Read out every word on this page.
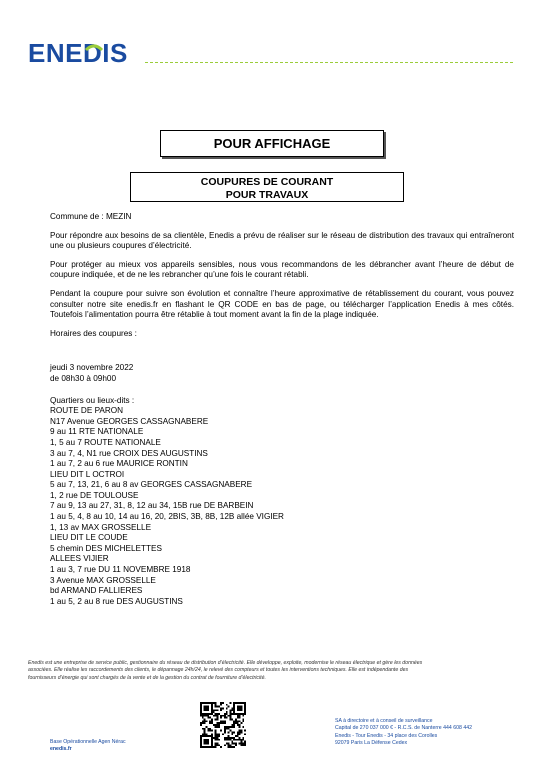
ENEDIS
POUR AFFICHAGE
COUPURES DE COURANT
POUR TRAVAUX

Commune de : MEZIN

Pour répondre aux besoins de sa clientèle, Enedis a prévu de réaliser sur le réseau de distribution des travaux qui entraîneront une ou plusieurs coupures d’électricité.

Pour protéger au mieux vos appareils sensibles, nous vous recommandons de les débrancher avant l’heure de début de coupure indiquée, et de ne les rebrancher qu’une fois le courant rétabli.

Pendant la coupure pour suivre son évolution et connaître l’heure approximative de rétablissement du courant, vous pouvez consulter notre site enedis.fr en flashant le QR CODE en bas de page, ou télécharger l’application Enedis à mes côtés. Toutefois l’alimentation pourra être rétablie à tout moment avant la fin de la plage indiquée.

Horaires des coupures :

jeudi 3 novembre 2022
de 08h30 à 09h00
Quartiers ou lieux-dits :
ROUTE DE PARON
N17 Avenue GEORGES CASSAGNABERE
9 au 11 RTE NATIONALE
1, 5 au 7 ROUTE NATIONALE
3 au 7, 4, N1 rue CROIX DES AUGUSTINS
1 au 7, 2 au 6 rue MAURICE RONTIN
LIEU DIT L OCTROI
5 au 7, 13, 21, 6 au 8 av GEORGES CASSAGNABERE
1, 2 rue DE TOULOUSE
7 au 9, 13 au 27, 31, 8, 12 au 34, 15B rue DE BARBEIN
1 au 5, 4, 8 au 10, 14 au 16, 20, 2BIS, 3B, 8B, 12B allée VIGIER
1, 13 av MAX GROSSELLE
LIEU DIT LE COUDE
5 chemin DES MICHELETTES
ALLEES VIJIER
1 au 3, 7 rue DU 11 NOVEMBRE 1918
3 Avenue MAX GROSSELLE
bd ARMAND FALLIERES
1 au 5, 2 au 8 rue DES AUGUSTINS
Enedis est une entreprise de service public, gestionnaire du réseau de distribution d’électricité. Elle développe, exploite, modernise le réseau électrique et gère les données
associées. Elle réalise les raccordements des clients, le dépannage 24h/24, le relevé des compteurs et toutes les interventions techniques. Elle est indépendante des
fournisseurs d’énergie qui sont chargés de la vente et de la gestion du contrat de fourniture d’électricité.
Base Opérationnelle Agen Nérac
enedis.fr
SA à directoire et à conseil de surveillance
Capital de 270 037 000 € - R.C.S. de Nanterre 444 608 442
Enedis - Tour Enedis - 34 place des Corolles
92079 Paris La Défense Cedex
